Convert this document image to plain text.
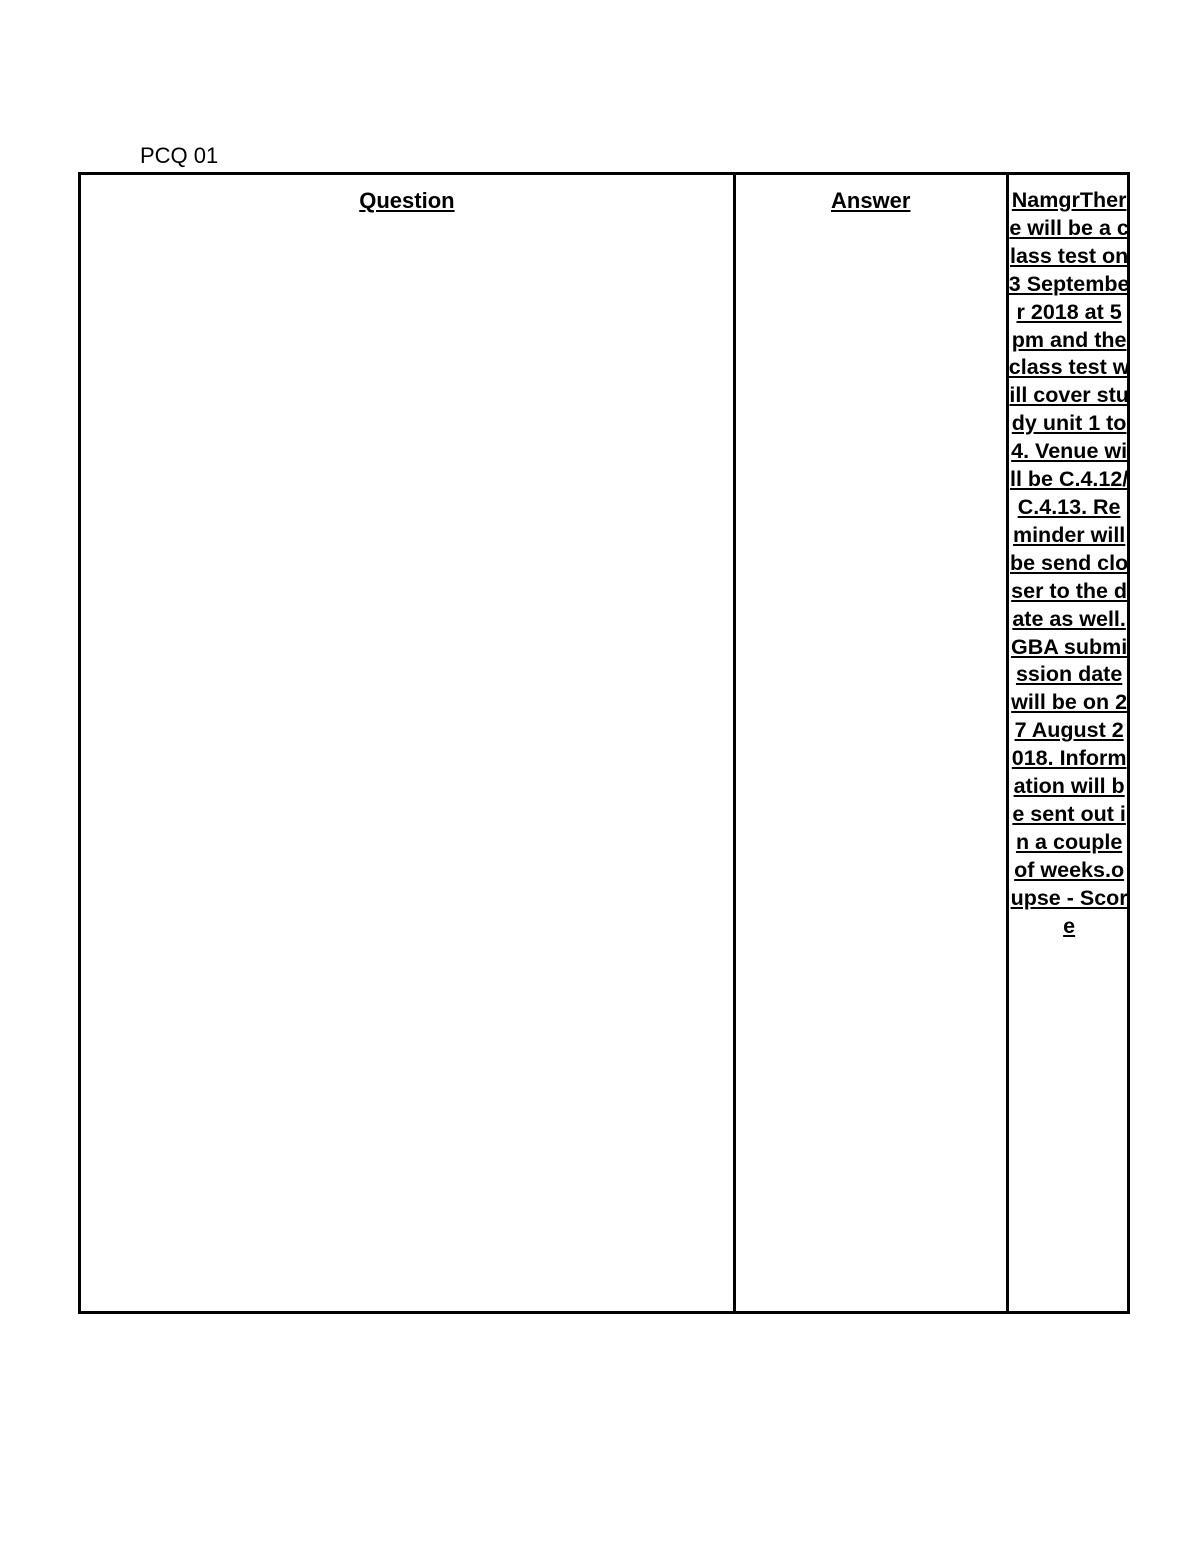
PCQ 01
Question	Answer	NamgrThere will be a class test on 3 September 2018 at 5 pm and the class test will cover study unit 1 to 4. Venue will be C.4.12/C.4.13. Reminder will be send closer to the date as well. GBA submission date will be on 27 August 2018. Information will be sent out in a couple of weeks.oupse - Score
